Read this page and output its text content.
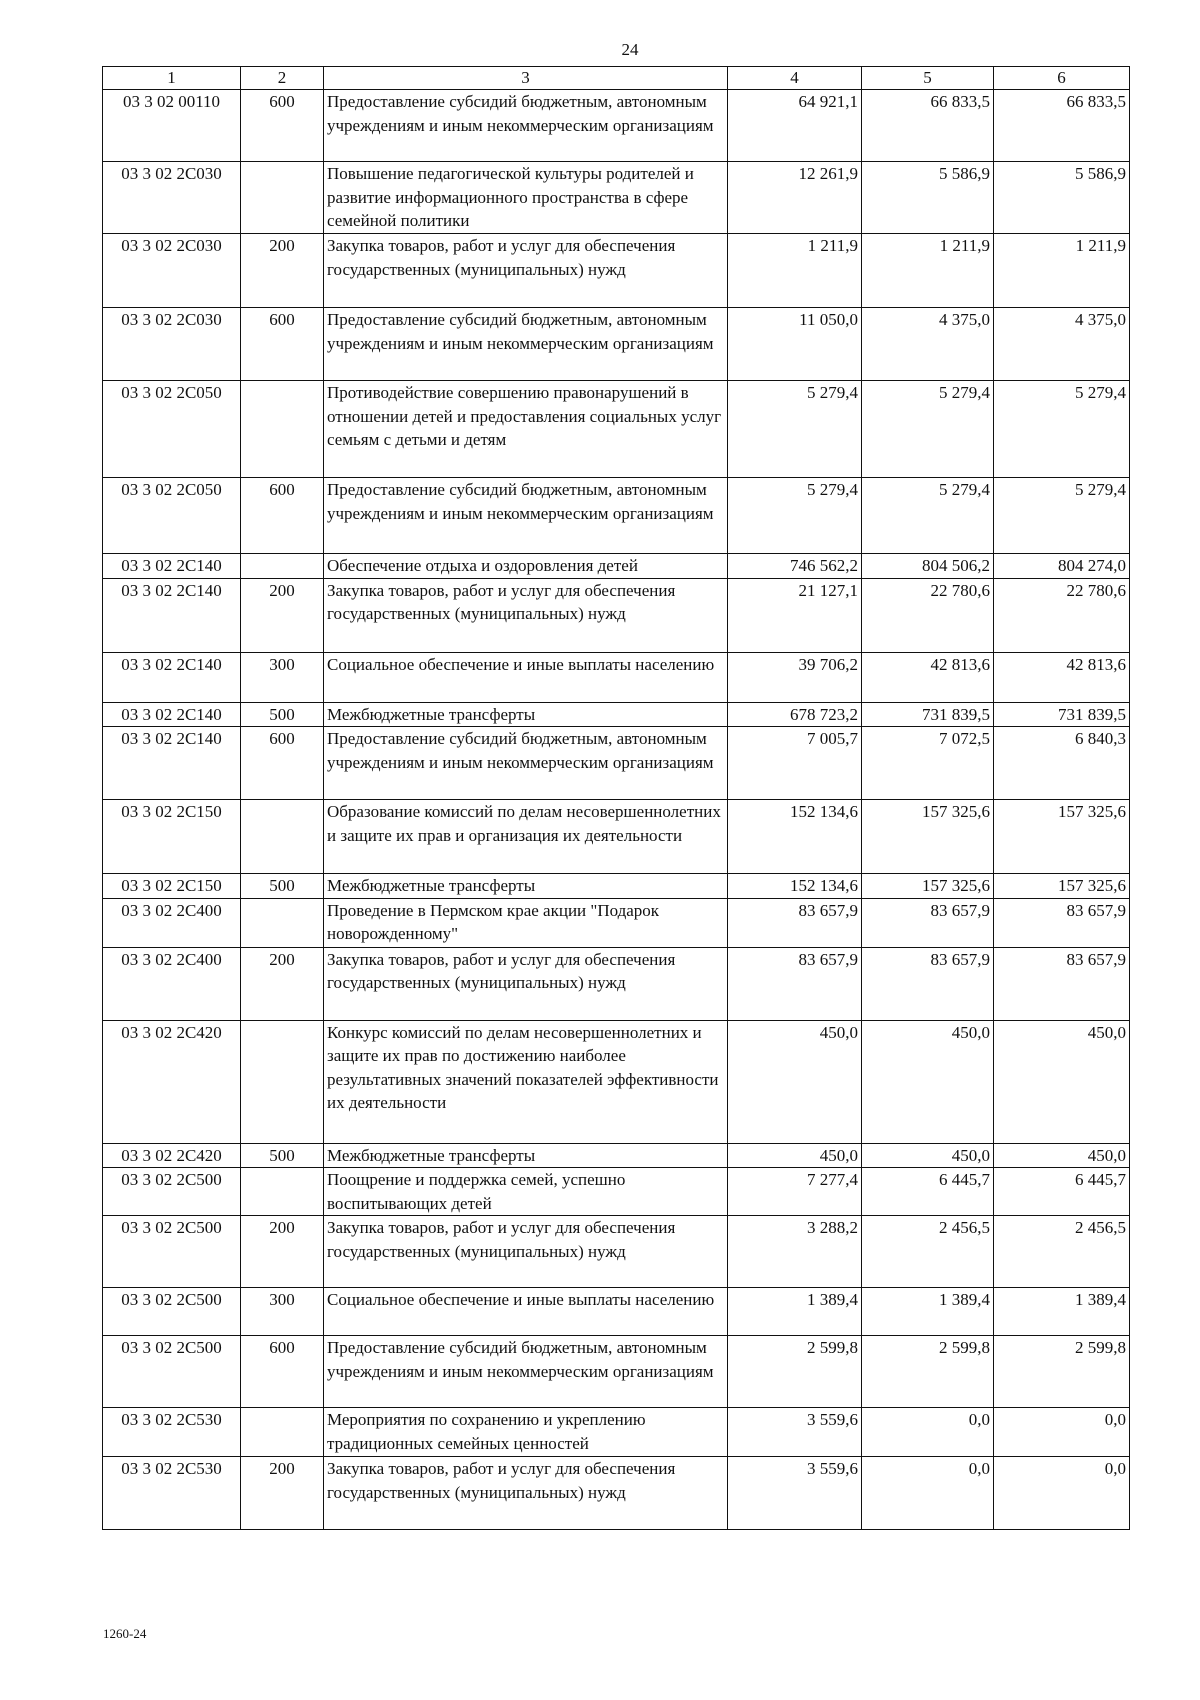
24
1	2	3	4	5	6
03 3 02 00110	600	Предоставление субсидий бюджетным, автономным учреждениям и иным некоммерческим организациям	64 921,1	66 833,5	66 833,5
03 3 02 2С030		Повышение педагогической культуры родителей и развитие информационного пространства в сфере семейной политики	12 261,9	5 586,9	5 586,9
03 3 02 2С030	200	Закупка товаров, работ и услуг для обеспечения государственных (муниципальных) нужд	1 211,9	1 211,9	1 211,9
03 3 02 2С030	600	Предоставление субсидий бюджетным, автономным учреждениям и иным некоммерческим организациям	11 050,0	4 375,0	4 375,0
03 3 02 2С050		Противодействие совершению правонарушений в отношении детей и предоставления социальных услуг семьям с детьми и детям	5 279,4	5 279,4	5 279,4
03 3 02 2С050	600	Предоставление субсидий бюджетным, автономным учреждениям и иным некоммерческим организациям	5 279,4	5 279,4	5 279,4
03 3 02 2С140		Обеспечение отдыха и оздоровления детей	746 562,2	804 506,2	804 274,0
03 3 02 2С140	200	Закупка товаров, работ и услуг для обеспечения государственных (муниципальных) нужд	21 127,1	22 780,6	22 780,6
03 3 02 2С140	300	Социальное обеспечение и иные выплаты населению	39 706,2	42 813,6	42 813,6
03 3 02 2С140	500	Межбюджетные трансферты	678 723,2	731 839,5	731 839,5
03 3 02 2С140	600	Предоставление субсидий бюджетным, автономным учреждениям и иным некоммерческим организациям	7 005,7	7 072,5	6 840,3
03 3 02 2С150		Образование комиссий по делам несовершеннолетних и защите их прав и организация их деятельности	152 134,6	157 325,6	157 325,6
03 3 02 2С150	500	Межбюджетные трансферты	152 134,6	157 325,6	157 325,6
03 3 02 2С400		Проведение в Пермском крае акции "Подарок новорожденному"	83 657,9	83 657,9	83 657,9
03 3 02 2С400	200	Закупка товаров, работ и услуг для обеспечения государственных (муниципальных) нужд	83 657,9	83 657,9	83 657,9
03 3 02 2С420		Конкурс комиссий по делам несовершеннолетних и защите их прав по достижению наиболее результативных значений показателей эффективности их деятельности	450,0	450,0	450,0
03 3 02 2С420	500	Межбюджетные трансферты	450,0	450,0	450,0
03 3 02 2С500		Поощрение и поддержка семей, успешно воспитывающих детей	7 277,4	6 445,7	6 445,7
03 3 02 2С500	200	Закупка товаров, работ и услуг для обеспечения государственных (муниципальных) нужд	3 288,2	2 456,5	2 456,5
03 3 02 2С500	300	Социальное обеспечение и иные выплаты населению	1 389,4	1 389,4	1 389,4
03 3 02 2С500	600	Предоставление субсидий бюджетным, автономным учреждениям и иным некоммерческим организациям	2 599,8	2 599,8	2 599,8
03 3 02 2С530		Мероприятия по сохранению и укреплению традиционных семейных ценностей	3 559,6	0,0	0,0
03 3 02 2С530	200	Закупка товаров, работ и услуг для обеспечения государственных (муниципальных) нужд	3 559,6	0,0	0,0
1260-24
